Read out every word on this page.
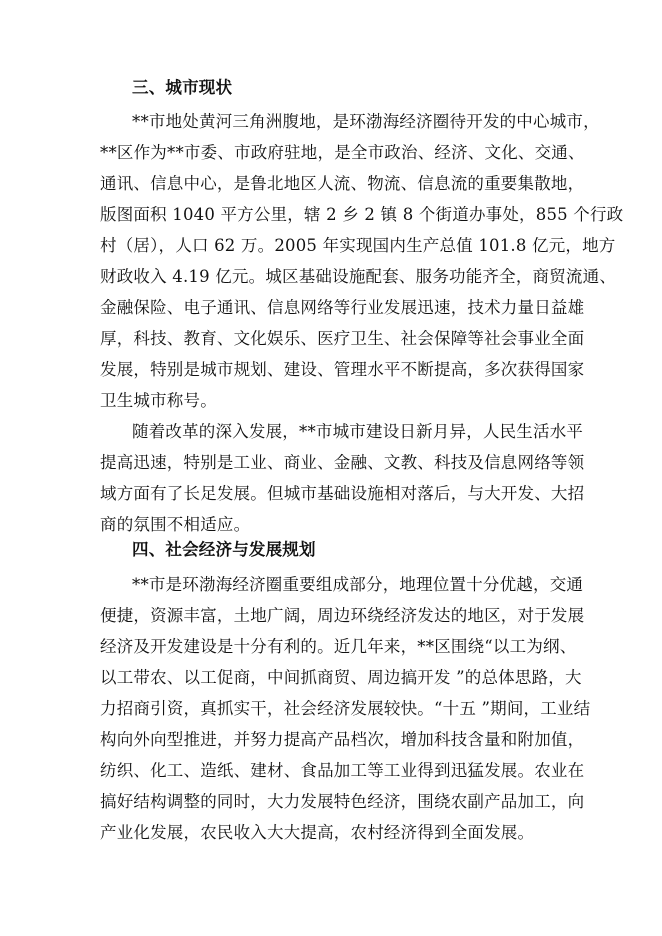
三、城市现状
**市地处黄河三角洲腹地，是环渤海经济圈待开发的中心城市，
**区作为**市委、市政府驻地，是全市政治、经济、文化、交通、
通讯、信息中心，是鲁北地区人流、物流、信息流的重要集散地，
版图面积 1040 平方公里，辖 2 乡 2 镇 8 个街道办事处，855 个行政
村（居），人口 62 万。2005 年实现国内生产总值 101.8 亿元，地方
财政收入 4.19 亿元。城区基础设施配套、服务功能齐全，商贸流通、
金融保险、电子通讯、信息网络等行业发展迅速，技术力量日益雄
厚，科技、教育、文化娱乐、医疗卫生、社会保障等社会事业全面
发展，特别是城市规划、建设、管理水平不断提高，多次获得国家
卫生城市称号。
随着改革的深入发展，**市城市建设日新月异，人民生活水平
提高迅速，特别是工业、商业、金融、文教、科技及信息网络等领
域方面有了长足发展。但城市基础设施相对落后，与大开发、大招
商的氛围不相适应。
四、社会经济与发展规划
**市是环渤海经济圈重要组成部分，地理位置十分优越，交通
便捷，资源丰富，土地广阔，周边环绕经济发达的地区，对于发展
经济及开发建设是十分有利的。近几年来，**区围绕“以工为纲、
以工带农、以工促商，中间抓商贸、周边搞开发 ”的总体思路，大
力招商引资，真抓实干，社会经济发展较快。“十五 ”期间，工业结
构向外向型推进，并努力提高产品档次，增加科技含量和附加值，
纺织、化工、造纸、建材、食品加工等工业得到迅猛发展。农业在
搞好结构调整的同时，大力发展特色经济，围绕农副产品加工，向
产业化发展，农民收入大大提高，农村经济得到全面发展。
